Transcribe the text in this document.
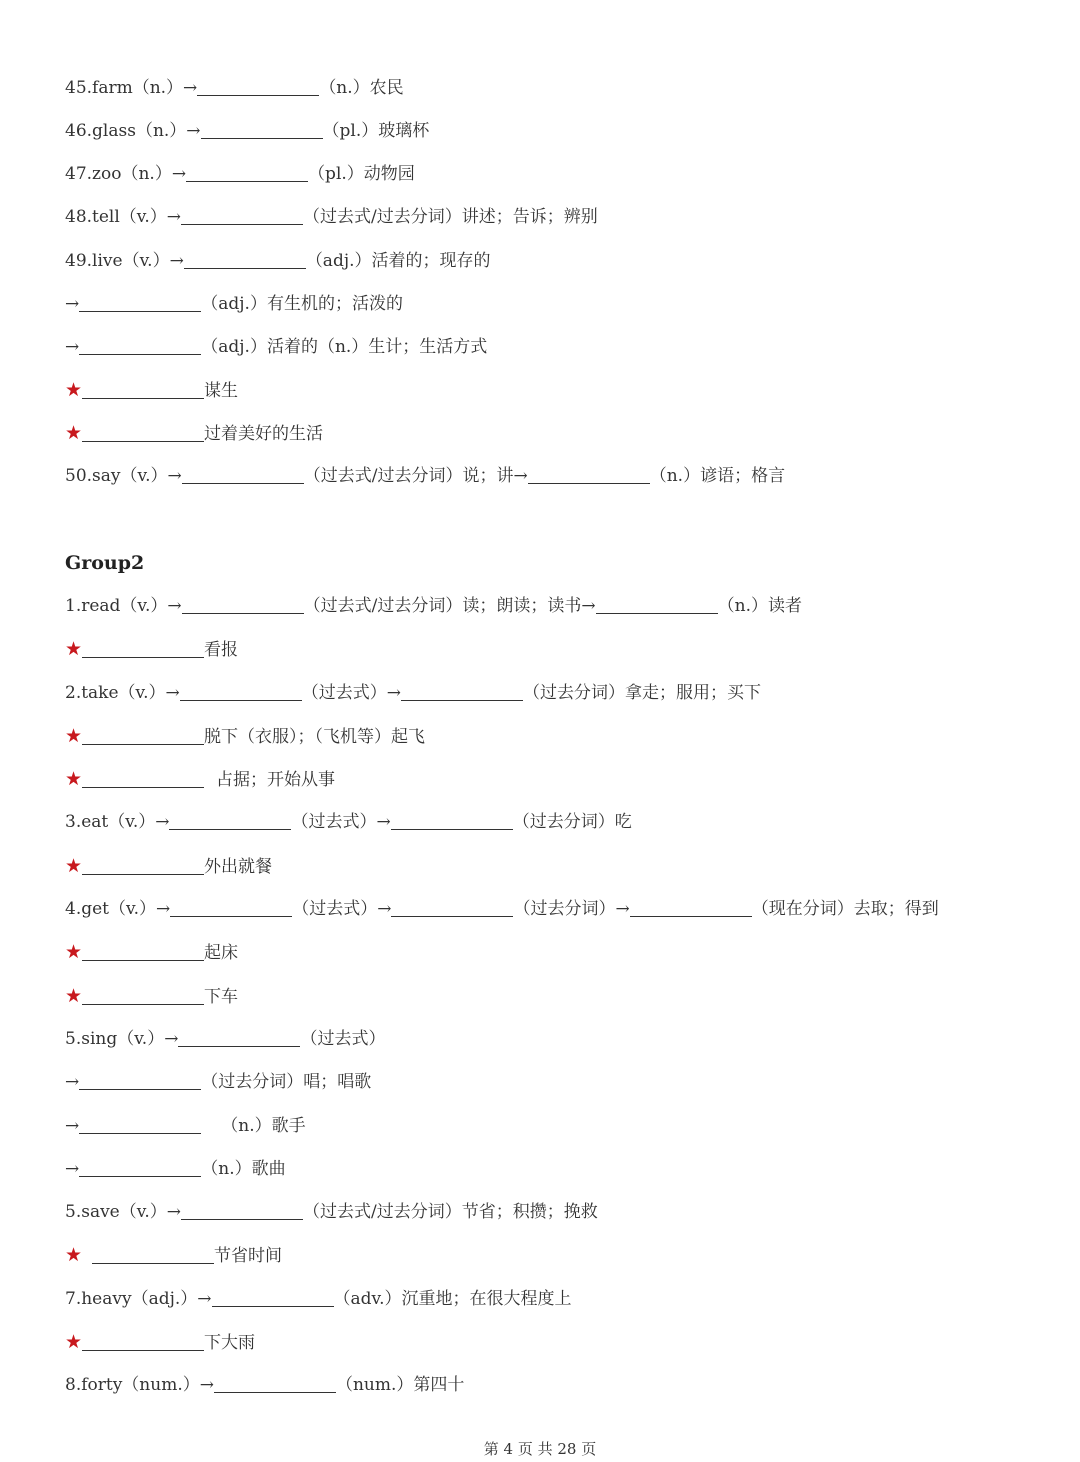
45.farm（n.）→	（n.）农民
46.glass（n.）→	（pl.）玻璃杯
47.zoo（n.）→	（pl.）动物园
48.tell（v.）→	（过去式/过去分词）讲述；告诉；辨别
49.live（v.）→	（adj.）活着的；现存的
→	（adj.）有生机的；活泼的
→	（adj.）活着的（n.）生计；生活方式
★	谋生
★	过着美好的生活
50.say（v.）→	（过去式/过去分词）说；讲→	（n.）谚语；格言
Group2
1.read（v.）→	（过去式/过去分词）读；朗读；读书→	（n.）读者
★	看报
2.take（v.）→	（过去式）→	（过去分词）拿走；服用；买下
★	脱下（衣服）；（飞机等）起飞
★	占据；开始从事
3.eat（v.）→	（过去式）→	（过去分词）吃
★	外出就餐
4.get（v.）→	（过去式）→	（过去分词）→	（现在分词）去取；得到
★	起床
★	下车
5.sing（v.）→	（过去式）
→	（过去分词）唱；唱歌
→	（n.）歌手
→	（n.）歌曲
5.save（v.）→	（过去式/过去分词）节省；积攒；挽救
★	节省时间
7.heavy（adj.）→	（adv.）沉重地；在很大程度上
★	下大雨
8.forty（num.）→	（num.）第四十
第 4 页 共 28 页
